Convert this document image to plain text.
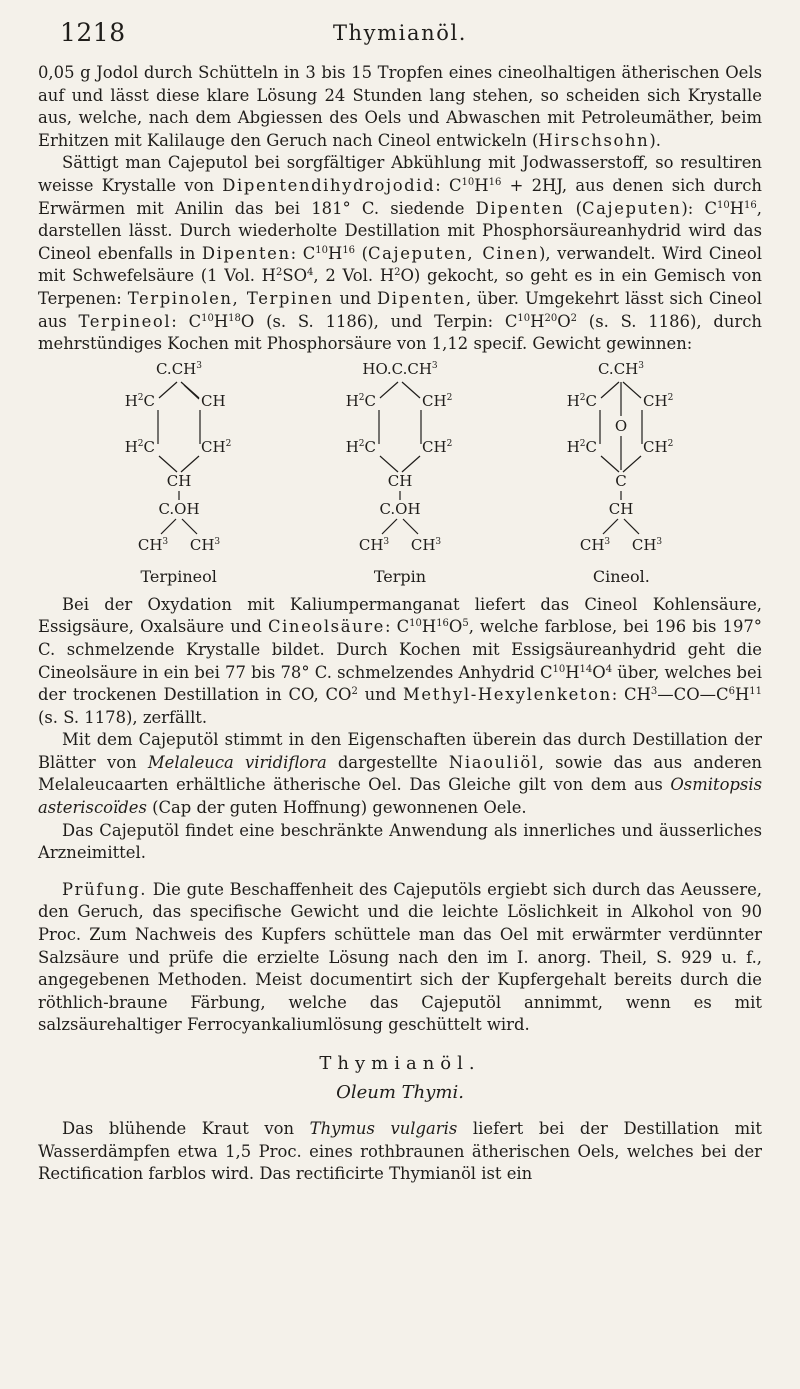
1218	Thymianöl.

0,05 g Jodol durch Schütteln in 3 bis 15 Tropfen eines cineolhaltigen ätherischen Oels auf und lässt diese klare Lösung 24 Stunden lang stehen, so scheiden sich Krystalle aus, welche, nach dem Abgiessen des Oels und Abwaschen mit Petroleumäther, beim Erhitzen mit Kalilauge den Geruch nach Cineol entwickeln (Hirschsohn).

Sättigt man Cajeputol bei sorgfältiger Abkühlung mit Jodwasserstoff, so resultiren weisse Krystalle von Dipentendihydrojodid: $C^{10}H^{16} + 2HJ$, aus denen sich durch Erwärmen mit Anilin das bei 181° C. siedende Dipenten (Cajeputen): $C^{10}H^{16}$, darstellen lässt. Durch wiederholte Destillation mit Phosphorsäureanhydrid wird das Cineol ebenfalls in Dipenten: $C^{10}H^{16}$ (Cajeputen, Cinen), verwandelt. Wird Cineol mit Schwefelsäure (1 Vol. $H^2SO^4$, 2 Vol. $H^2O$) gekocht, so geht es in ein Gemisch von Terpenen: Terpinolen, Terpinen und Dipenten, über. Umgekehrt lässt sich Cineol aus Terpineol: $C^{10}H^{18}O$ (s. S. 1186), und Terpin: $C^{10}H^{20}O^2$ (s. S. 1186), durch mehrstündiges Kochen mit Phosphorsäure von 1,12 specif. Gewicht gewinnen:

$C.CH^3$
$H^2C$	CH
$H^2C$	$CH^2$
CH
C.OH
$CH^3$ $CH^3$
Terpineol
$HO.C.CH^3$
$H^2C$	$CH^2$
$H^2C$	$CH^2$
CH
C.OH
$CH^3$ $CH^3$
Terpin
$C.CH^3$
O
$H^2C$	$CH^2$
$H^2C$	$CH^2$
C
CH
$CH^3$ $CH^3$
Cineol.

Bei der Oxydation mit Kaliumpermanganat liefert das Cineol Kohlensäure, Essigsäure, Oxalsäure und Cineolsäure: $C^{10}H^{16}O^5$, welche farblose, bei 196 bis 197° C. schmelzende Krystalle bildet. Durch Kochen mit Essigsäureanhydrid geht die Cineolsäure in ein bei 77 bis 78° C. schmelzendes Anhydrid $C^{10}H^{14}O^4$ über, welches bei der trockenen Destillation in CO, $CO^2$ und Methyl-Hexylenketon: $CH^3—CO—C^6H^{11}$ (s. S. 1178), zerfällt.

Mit dem Cajeputöl stimmt in den Eigenschaften überein das durch Destillation der Blätter von Melaleuca viridiflora dargestellte Niaouliöl, sowie das aus anderen Melaleucaarten erhältliche ätherische Oel. Das Gleiche gilt von dem aus Osmitopsis asteriscoïdes (Cap der guten Hoffnung) gewonnenen Oele.

Das Cajeputöl findet eine beschränkte Anwendung als innerliches und äusserliches Arzneimittel.

Prüfung. Die gute Beschaffenheit des Cajeputöls ergiebt sich durch das Aeussere, den Geruch, das specifische Gewicht und die leichte Löslichkeit in Alkohol von 90 Proc. Zum Nachweis des Kupfers schüttele man das Oel mit erwärmter verdünnter Salzsäure und prüfe die erzielte Lösung nach den im I. anorg. Theil, S. 929 u. f., angegebenen Methoden. Meist documentirt sich der Kupfergehalt bereits durch die röthlich-braune Färbung, welche das Cajeputöl annimmt, wenn es mit salzsäurehaltiger Ferrocyankaliumlösung geschüttelt wird.

Thymianöl.
Oleum Thymi.

Das blühende Kraut von Thymus vulgaris liefert bei der Destillation mit Wasserdämpfen etwa 1,5 Proc. eines rothbraunen ätherischen Oels, welches bei der Rectification farblos wird. Das rectificirte Thymianöl ist ein
